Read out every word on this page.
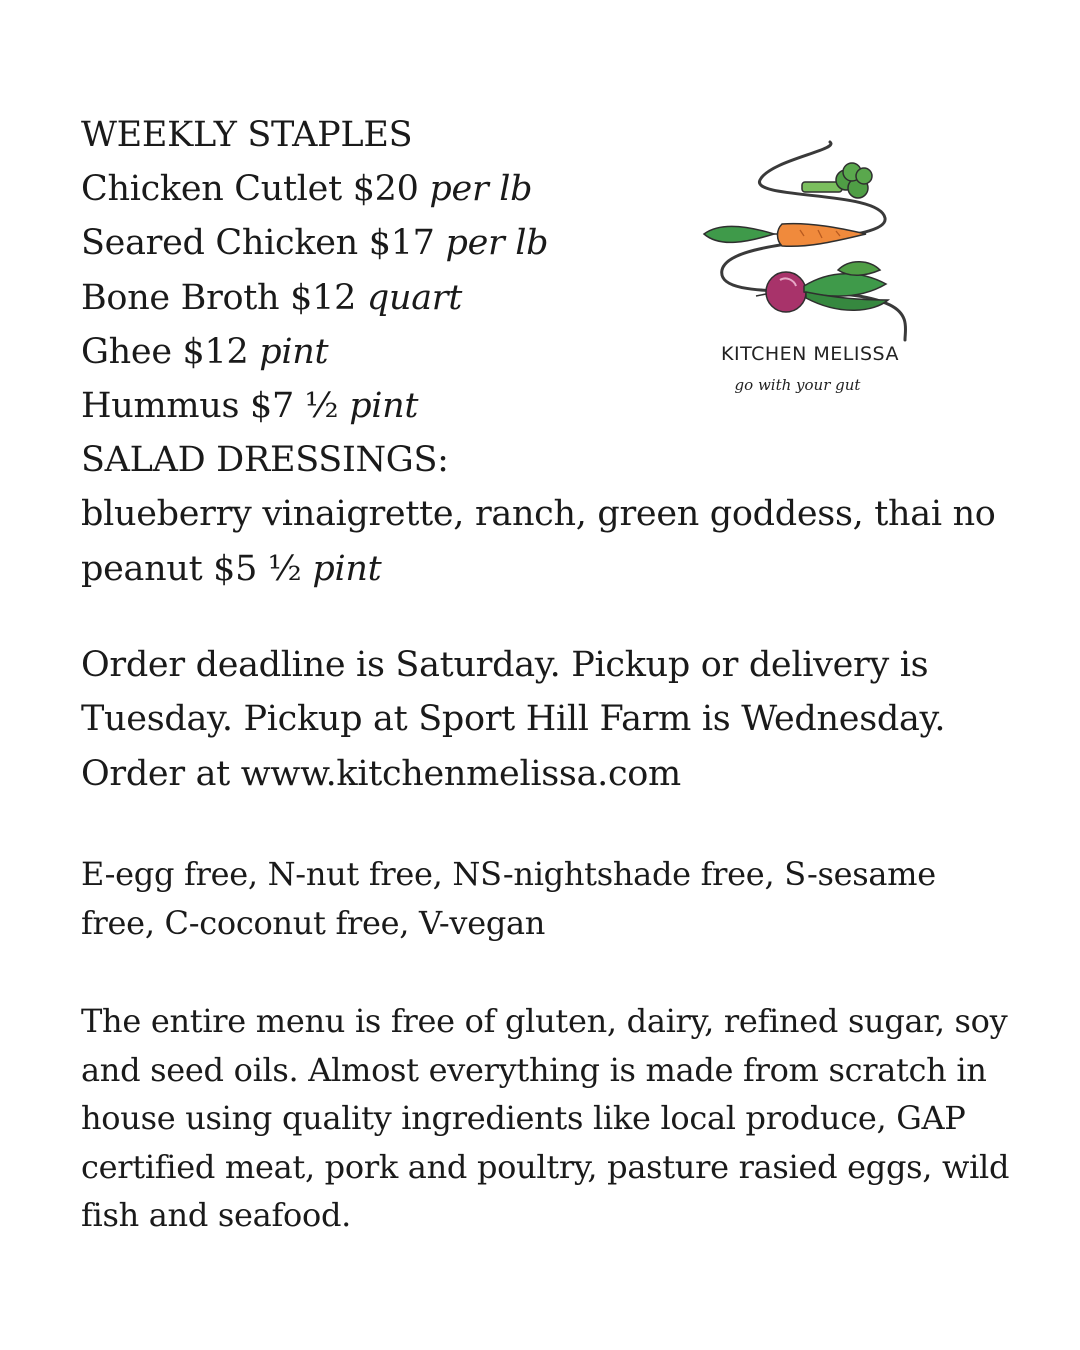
WEEKLY STAPLES
Chicken Cutlet $20 per lb
Seared Chicken $17 per lb
Bone Broth $12 quart
Ghee $12 pint
Hummus $7 ½ pint
SALAD DRESSINGS:
blueberry vinaigrette, ranch, green goddess, thai no peanut $5 ½ pint
KITCHEN MELISSA
go with your gut
Order deadline is Saturday. Pickup or delivery is Tuesday. Pickup at Sport Hill Farm is Wednesday. Order at www.kitchenmelissa.com
E-egg free, N-nut free, NS-nightshade free, S-sesame free, C-coconut free, V-vegan
The entire menu is free of gluten, dairy, refined sugar, soy and seed oils. Almost everything is made from scratch in house using quality ingredients like local produce, GAP certified meat, pork and poultry, pasture rasied eggs, wild fish and seafood.
